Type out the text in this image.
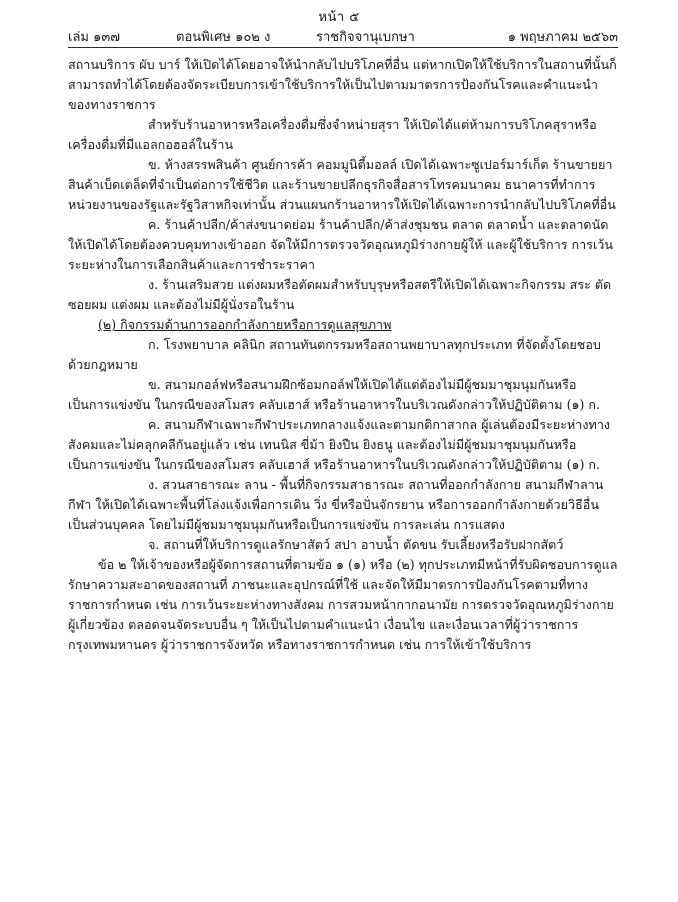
หน้า ๕
เล่ม ๑๓๗	ตอนพิเศษ ๑๐๒ ง	ราชกิจจานุเบกษา	๑ พฤษภาคม ๒๕๖๓

สถานบริการ ผับ บาร์ ให้เปิดได้โดยอาจให้นำกลับไปบริโภคที่อื่น แต่หากเปิดให้ใช้บริการในสถานที่นั้นก็สามารถทำได้โดยต้องจัดระเบียบการเข้าใช้บริการให้เป็นไปตามมาตรการป้องกันโรคและคำแนะนำของทางราชการ

สำหรับร้านอาหารหรือเครื่องดื่มซึ่งจำหน่ายสุรา ให้เปิดได้แต่ห้ามการบริโภคสุราหรือเครื่องดื่มที่มีแอลกอฮอล์ในร้าน

ข. ห้างสรรพสินค้า ศูนย์การค้า คอมมูนิตี้มอลล์ เปิดได้เฉพาะซูเปอร์มาร์เก็ต ร้านขายยา สินค้าเบ็ดเตล็ดที่จำเป็นต่อการใช้ชีวิต และร้านขายปลีกธุรกิจสื่อสารโทรคมนาคม ธนาคารที่ทำการหน่วยงานของรัฐและรัฐวิสาหกิจเท่านั้น ส่วนแผนกร้านอาหารให้เปิดได้เฉพาะการนำกลับไปบริโภคที่อื่น

ค. ร้านค้าปลีก/ค้าส่งขนาดย่อม ร้านค้าปลีก/ค้าส่งชุมชน ตลาด ตลาดน้ำ และตลาดนัด ให้เปิดได้โดยต้องควบคุมทางเข้าออก จัดให้มีการตรวจวัดอุณหภูมิร่างกายผู้ให้ และผู้ใช้บริการ การเว้นระยะห่างในการเลือกสินค้าและการชำระราคา

ง. ร้านเสริมสวย แต่งผมหรือตัดผมสำหรับบุรุษหรือสตรีให้เปิดได้เฉพาะกิจกรรม สระ ตัด ซอยผม แต่งผม และต้องไม่มีผู้นั่งรอในร้าน

(๒) กิจกรรมด้านการออกกำลังกายหรือการดูแลสุขภาพ

ก. โรงพยาบาล คลินิก สถานทันตกรรมหรือสถานพยาบาลทุกประเภท ที่จัดตั้งโดยชอบด้วยกฎหมาย

ข. สนามกอล์ฟหรือสนามฝึกซ้อมกอล์ฟให้เปิดได้แต่ต้องไม่มีผู้ชมมาชุมนุมกันหรือเป็นการแข่งขัน ในกรณีของสโมสร คลับเฮาส์ หรือร้านอาหารในบริเวณดังกล่าวให้ปฏิบัติตาม (๑) ก.

ค. สนามกีฬาเฉพาะกีฬาประเภทกลางแจ้งและตามกติกาสากล ผู้เล่นต้องมีระยะห่างทางสังคมและไม่คลุกคลีกันอยู่แล้ว เช่น เทนนิส ขี่ม้า ยิงปืน ยิงธนู และต้องไม่มีผู้ชมมาชุมนุมกันหรือเป็นการแข่งขัน ในกรณีของสโมสร คลับเฮาส์ หรือร้านอาหารในบริเวณดังกล่าวให้ปฏิบัติตาม (๑) ก.

ง. สวนสาธารณะ ลาน - พื้นที่กิจกรรมสาธารณะ สถานที่ออกกำลังกาย สนามกีฬาลานกีฬา ให้เปิดได้เฉพาะพื้นที่โล่งแจ้งเพื่อการเดิน วิ่ง ขี่หรือปั่นจักรยาน หรือการออกกำลังกายด้วยวิธีอื่นเป็นส่วนบุคคล โดยไม่มีผู้ชมมาชุมนุมกันหรือเป็นการแข่งขัน การละเล่น การแสดง

จ. สถานที่ให้บริการดูแลรักษาสัตว์ สปา อาบน้ำ ตัดขน รับเลี้ยงหรือรับฝากสัตว์

ข้อ ๒ ให้เจ้าของหรือผู้จัดการสถานที่ตามข้อ ๑ (๑) หรือ (๒) ทุกประเภทมีหน้าที่รับผิดชอบการดูแลรักษาความสะอาดของสถานที่ ภาชนะและอุปกรณ์ที่ใช้ และจัดให้มีมาตรการป้องกันโรคตามที่ทางราชการกำหนด เช่น การเว้นระยะห่างทางสังคม การสวมหน้ากากอนามัย การตรวจวัดอุณหภูมิร่างกายผู้เกี่ยวข้อง ตลอดจนจัดระบบอื่น ๆ ให้เป็นไปตามคำแนะนำ เงื่อนไข และเงื่อนเวลาที่ผู้ว่าราชการกรุงเทพมหานคร ผู้ว่าราชการจังหวัด หรือทางราชการกำหนด เช่น การให้เข้าใช้บริการ
